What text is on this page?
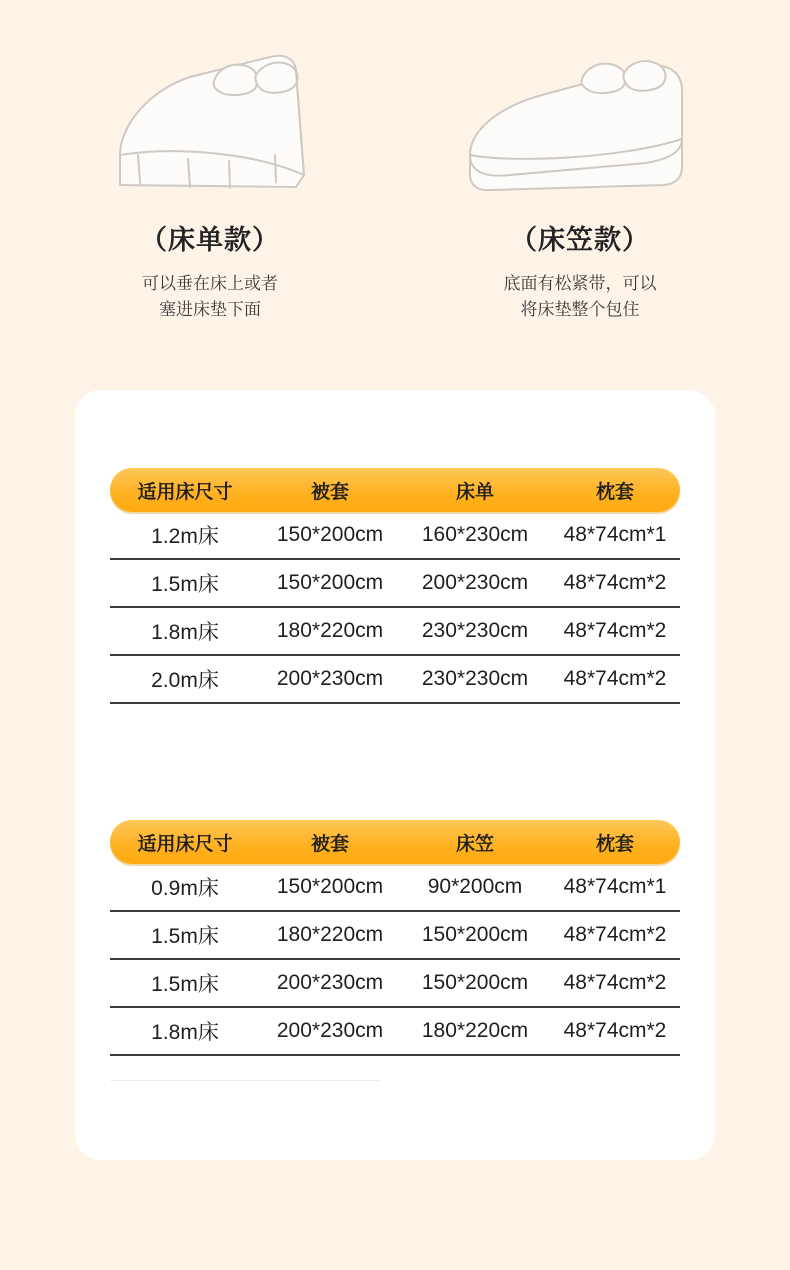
（床单款）
可以垂在床上或者
塞进床垫下面
（床笠款）
底面有松紧带，可以
将床垫整个包住
适用床尺寸	被套	床单	枕套
1.2m床	150*200cm	160*230cm	48*74cm*1
1.5m床	150*200cm	200*230cm	48*74cm*2
1.8m床	180*220cm	230*230cm	48*74cm*2
2.0m床	200*230cm	230*230cm	48*74cm*2
适用床尺寸	被套	床笠	枕套
0.9m床	150*200cm	90*200cm	48*74cm*1
1.5m床	180*220cm	150*200cm	48*74cm*2
1.5m床	200*230cm	150*200cm	48*74cm*2
1.8m床	200*230cm	180*220cm	48*74cm*2
